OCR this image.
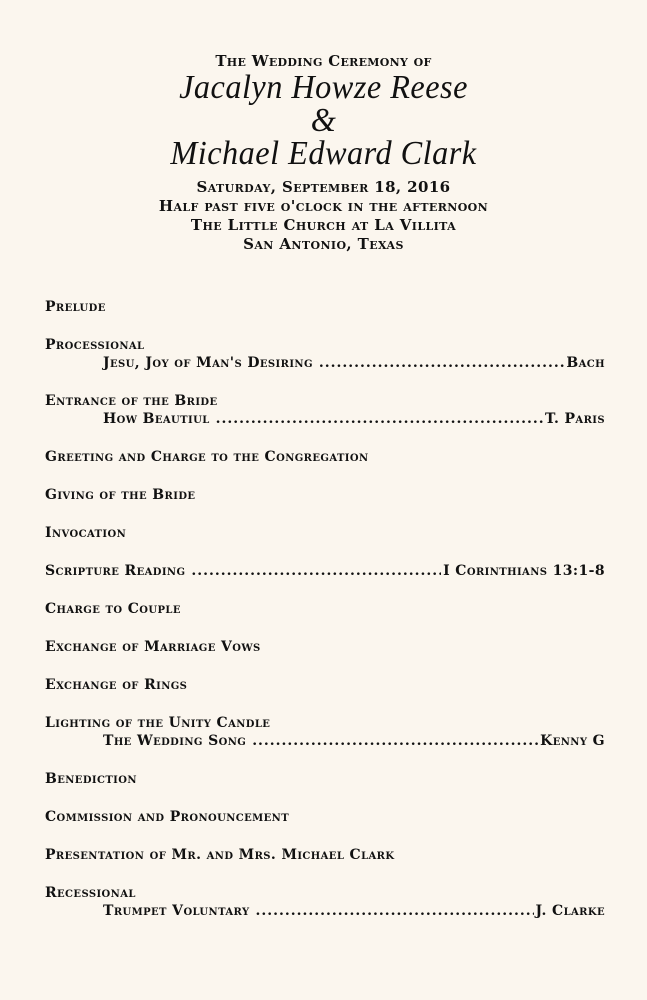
The Wedding Ceremony of

Jacalyn Howze Reese

&

Michael Edward Clark

Saturday, September 18, 2016

Half past five o'clock in the afternoon

The Little Church at La Villita

San Antonio, Texas

Prelude
Processional
Jesu, Joy of Man's Desiring .....	Bach
Entrance of the Bride
How Beautiul .....	T. Paris
Greeting and Charge to the Congregation
Giving of the Bride
Invocation
Scripture Reading .....	I Corinthians 13:1-8
Charge to Couple
Exchange of Marriage Vows
Exchange of Rings
Lighting of the Unity Candle
The Wedding Song .....	Kenny G
Benediction
Commission and Pronouncement
Presentation of Mr. and Mrs. Michael Clark
Recessional
Trumpet Voluntary .....	J. Clarke
